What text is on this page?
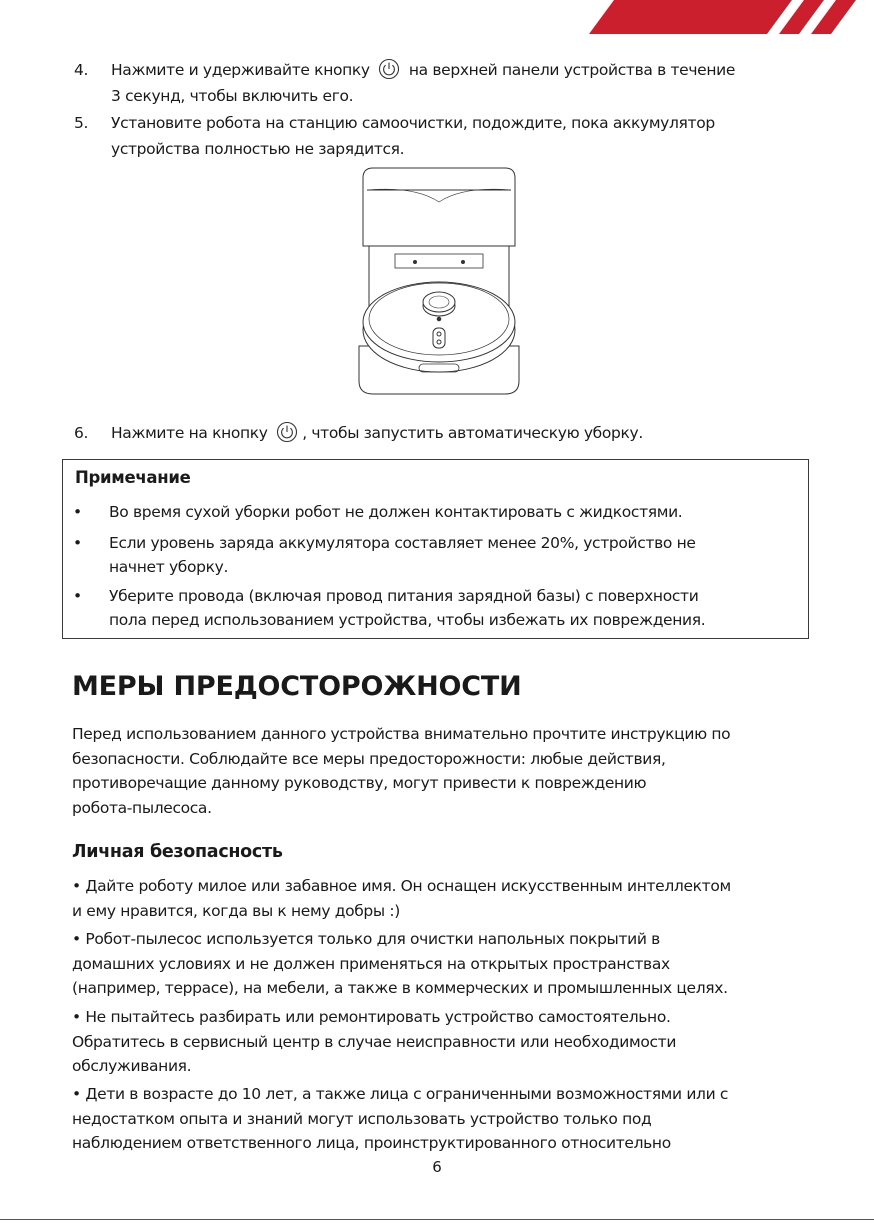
4. Нажмите и удерживайте кнопку	на верхней панели устройства в течение
3 секунд, чтобы включить его.
5. Установите робота на станцию самоочистки, подождите, пока аккумулятор
устройства полностью не зарядится.
6. Нажмите на кнопку , чтобы запустить автоматическую уборку.
Примечание
• Во время сухой уборки робот не должен контактировать с жидкостями.
• Если уровень заряда аккумулятора составляет менее 20%, устройство не
начнет уборку.
• Уберите провода (включая провод питания зарядной базы) с поверхности
пола перед использованием устройства, чтобы избежать их повреждения.
МЕРЫ ПРЕДОСТОРОЖНОСТИ
Перед использованием данного устройства внимательно прочтите инструкцию по
безопасности. Соблюдайте все меры предосторожности: любые действия,
противоречащие данному руководству, могут привести к повреждению
робота-пылесоса.
Личная безопасность
• Дайте роботу милое или забавное имя. Он оснащен искусственным интеллектом
и ему нравится, когда вы к нему добры :)
• Робот-пылесос используется только для очистки напольных покрытий в
домашних условиях и не должен применяться на открытых пространствах
(например, террасе), на мебели, а также в коммерческих и промышленных целях.
• Не пытайтесь разбирать или ремонтировать устройство самостоятельно.
Обратитесь в сервисный центр в случае неисправности или необходимости
обслуживания.
• Дети в возрасте до 10 лет, а также лица с ограниченными возможностями или с
недостатком опыта и знаний могут использовать устройство только под
наблюдением ответственного лица, проинструктированного относительно
6
